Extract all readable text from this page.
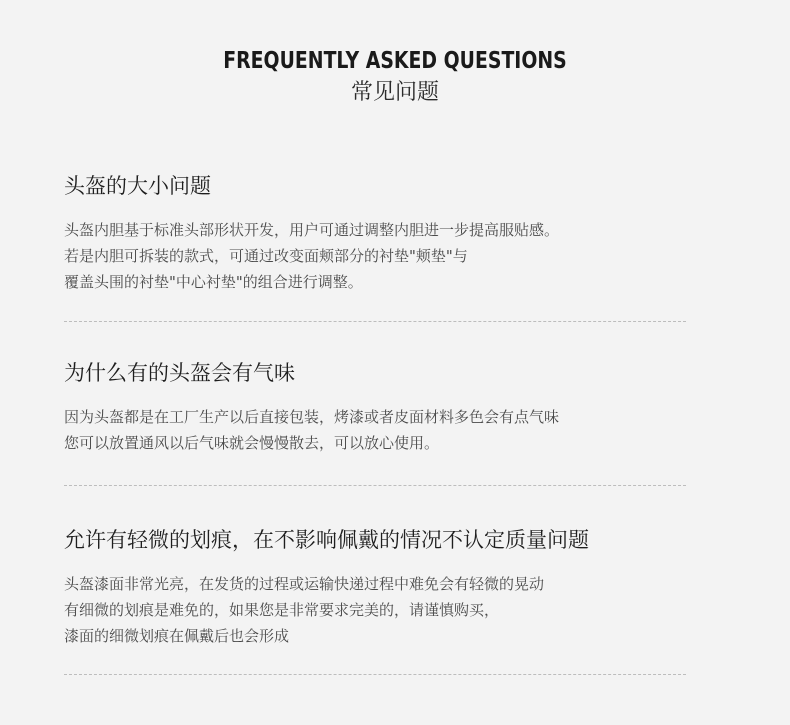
FREQUENTLY ASKED QUESTIONS
常见问题
头盔的大小问题
头盔内胆基于标准头部形状开发，用户可通过调整内胆进一步提高服贴感。
若是内胆可拆装的款式，可通过改变面颊部分的衬垫"颊垫"与
覆盖头围的衬垫"中心衬垫"的组合进行调整。
为什么有的头盔会有气味
因为头盔都是在工厂生产以后直接包装，烤漆或者皮面材料多色会有点气味
您可以放置通风以后气味就会慢慢散去，可以放心使用。
允许有轻微的划痕，在不影响佩戴的情况不认定质量问题
头盔漆面非常光亮，在发货的过程或运输快递过程中难免会有轻微的晃动
有细微的划痕是难免的，如果您是非常要求完美的，请谨慎购买，
漆面的细微划痕在佩戴后也会形成
